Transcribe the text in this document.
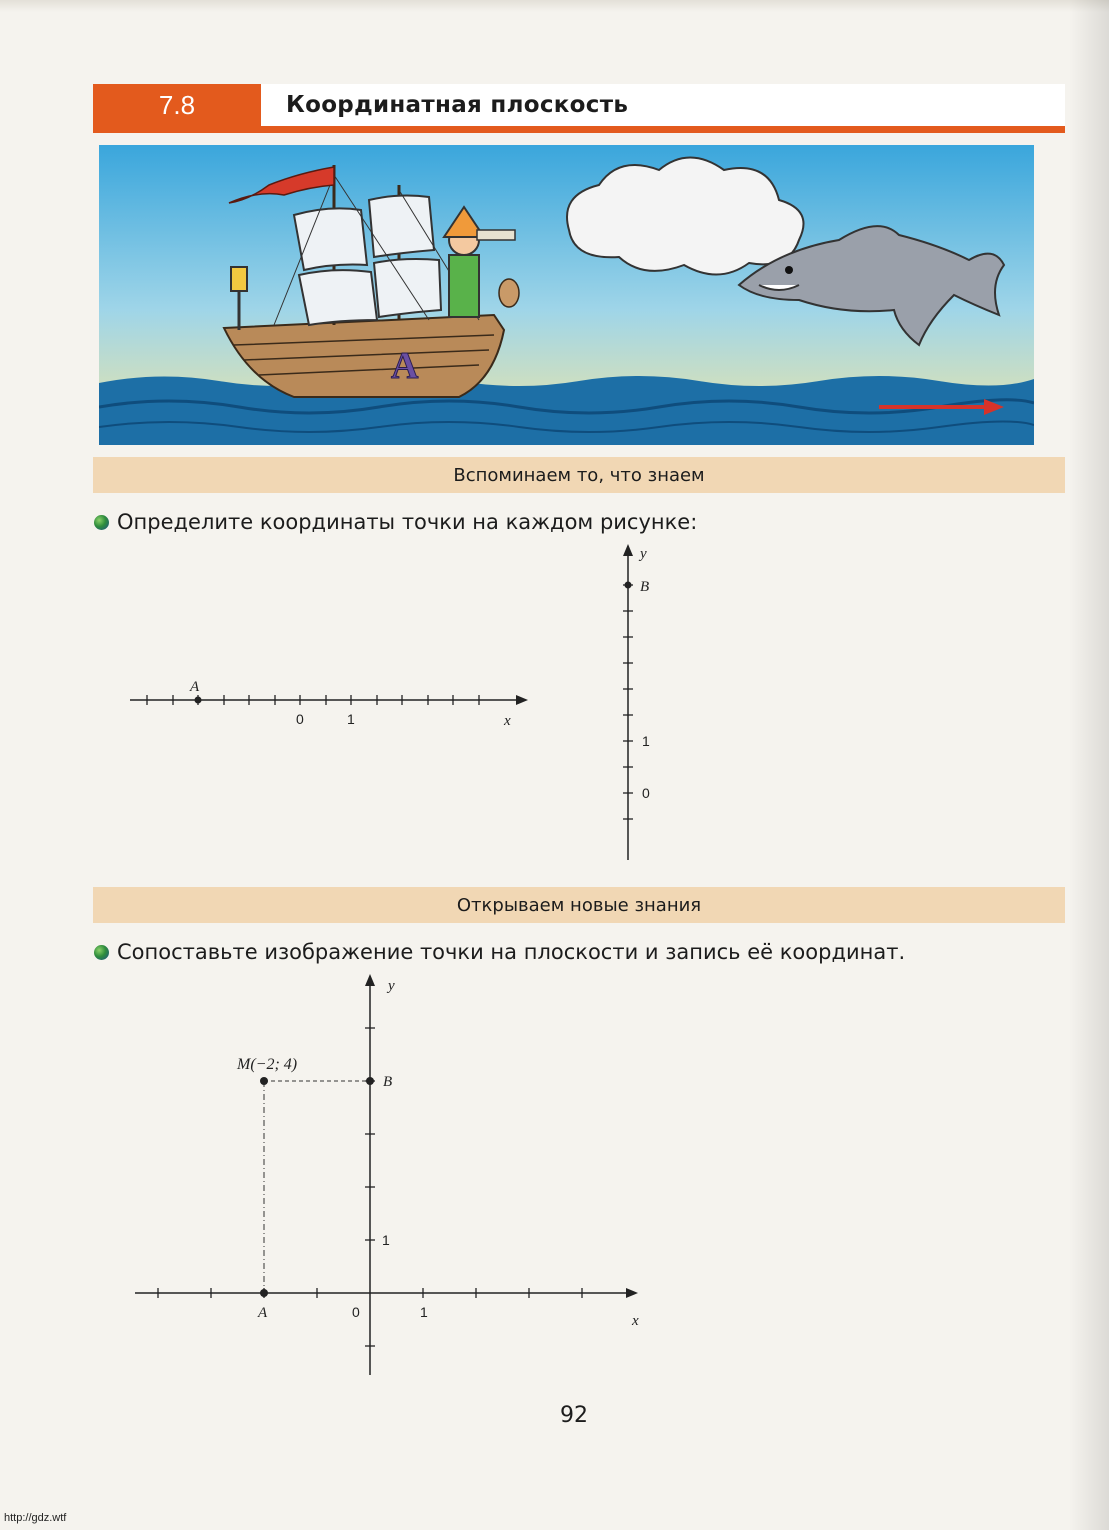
7.8	Координатная плоскость
A
Вспоминаем то, что знаем
Определите координаты точки на каждом рисунке:
A
0	1	x
B
1
0
y
Открываем новые знания
Сопоставьте изображение точки на плоскости и запись её координат.
M(−2; 4)
B
A	0	1
1
x
y
92
http://gdz.wtf
